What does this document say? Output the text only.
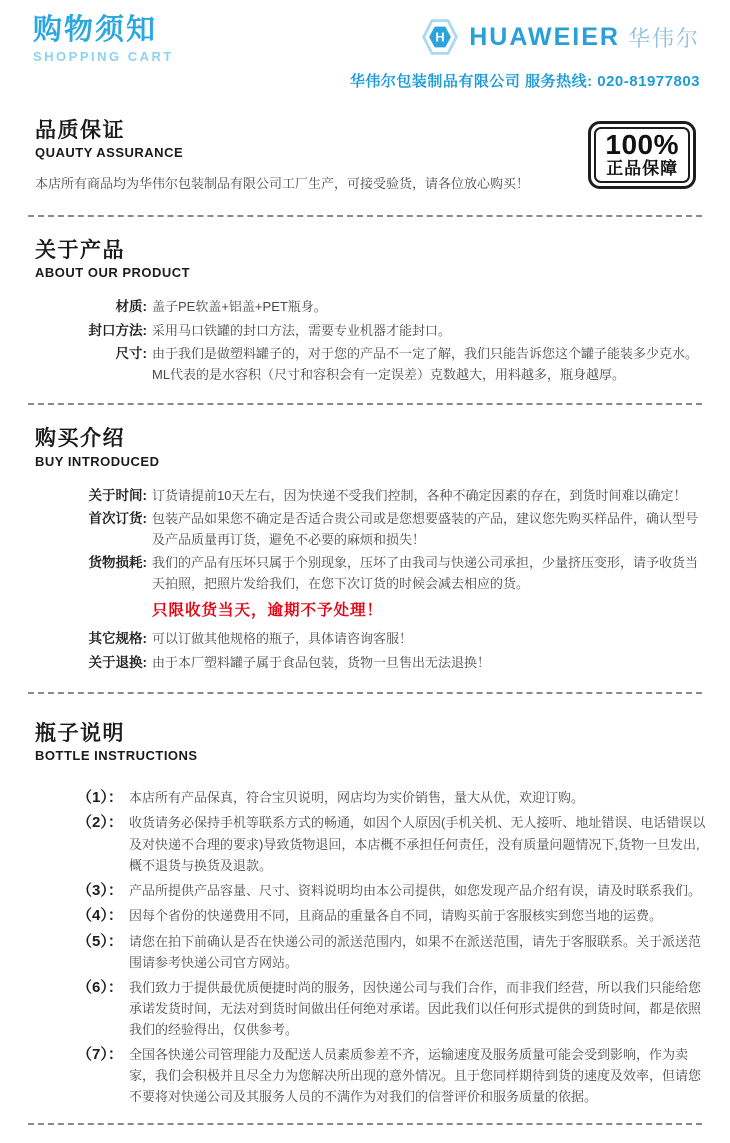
购物须知
SHOPPING CART
H HUAWEIER 华伟尔
华伟尔包装制品有限公司 服务热线: 020-81977803
品质保证
QUAUTY ASSURANCE
本店所有商品均为华伟尔包装制品有限公司工厂生产，可接受验货，请各位放心购买！
100%
正品保障
关于产品
ABOUT OUR PRODUCT
材质: 盖子PE软盖+铝盖+PET瓶身。
封口方法: 采用马口铁罐的封口方法，需要专业机器才能封口。
尺寸: 由于我们是做塑料罐子的，对于您的产品不一定了解，我们只能告诉您这个罐子能装多少克水。ML代表的是水容积（尺寸和容积会有一定误差）克数越大，用料越多，瓶身越厚。
购买介绍
BUY INTRODUCED
关于时间: 订货请提前10天左右，因为快递不受我们控制，各种不确定因素的存在，到货时间难以确定！
首次订货: 包装产品如果您不确定是否适合贵公司或是您想要盛装的产品，建议您先购买样品件，确认型号及产品质量再订货，避免不必要的麻烦和损失！
货物损耗: 我们的产品有压坏只属于个别现象，压坏了由我司与快递公司承担，少量挤压变形，请予收货当天拍照，把照片发给我们，在您下次订货的时候会减去相应的货。
只限收货当天，逾期不予处理！
其它规格: 可以订做其他规格的瓶子，具体请咨询客服！
关于退换: 由于本厂塑料罐子属于食品包装，货物一旦售出无法退换！
瓶子说明
BOTTLE INSTRUCTIONS
（1）： 本店所有产品保真，符合宝贝说明，网店均为实价销售，量大从优，欢迎订购。
（2）： 收货请务必保持手机等联系方式的畅通，如因个人原因(手机关机、无人接听、地址错误、电话错误以及对快递不合理的要求)导致货物退回，本店概不承担任何责任，没有质量问题情况下,货物一旦发出,概不退货与换货及退款。
（3）： 产品所提供产品容量、尺寸、资料说明均由本公司提供，如您发现产品介绍有误，请及时联系我们。
（4）： 因每个省份的快递费用不同，且商品的重量各自不同，请购买前于客服核实到您当地的运费。
（5）： 请您在拍下前确认是否在快递公司的派送范围内，如果不在派送范围，请先于客服联系。关于派送范围请参考快递公司官方网站。
（6）： 我们致力于提供最优质便捷时尚的服务，因快递公司与我们合作，而非我们经营，所以我们只能给您承诺发货时间，无法对到货时间做出任何绝对承诺。因此我们以任何形式提供的到货时间，都是依照我们的经验得出，仅供参考。
（7）： 全国各快递公司管理能力及配送人员素质参差不齐，运输速度及服务质量可能会受到影响，作为卖家，我们会积极并且尽全力为您解决所出现的意外情况。且于您同样期待到货的速度及效率，但请您不要将对快递公司及其服务人员的不满作为对我们的信誉评价和服务质量的依据。
